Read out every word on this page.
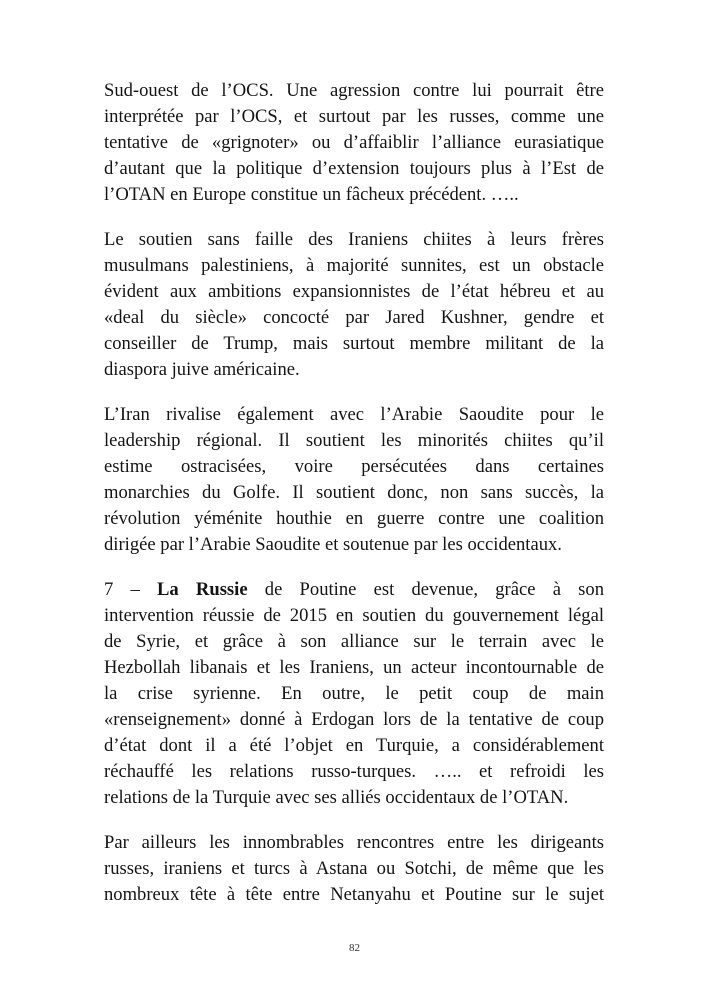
Sud-ouest de l’OCS. Une agression contre lui pourrait être
interprétée par l’OCS, et surtout par les russes, comme une
tentative de «grignoter» ou d’affaiblir l’alliance eurasiatique
d’autant que la politique d’extension toujours plus à l’Est de
l’OTAN en Europe constitue un fâcheux précédent. …..

Le soutien sans faille des Iraniens chiites à leurs frères
musulmans palestiniens, à majorité sunnites, est un obstacle
évident aux ambitions expansionnistes de l’état hébreu et au
«deal du siècle» concocté par Jared Kushner, gendre et
conseiller de Trump, mais surtout membre militant de la
diaspora juive américaine.

L’Iran rivalise également avec l’Arabie Saoudite pour le
leadership régional. Il soutient les minorités chiites qu’il
estime ostracisées, voire persécutées dans certaines
monarchies du Golfe. Il soutient donc, non sans succès, la
révolution yéménite houthie en guerre contre une coalition
dirigée par l’Arabie Saoudite et soutenue par les occidentaux.

7 – La Russie de Poutine est devenue, grâce à son
intervention réussie de 2015 en soutien du gouvernement légal
de Syrie, et grâce à son alliance sur le terrain avec le
Hezbollah libanais et les Iraniens, un acteur incontournable de
la crise syrienne. En outre, le petit coup de main
«renseignement» donné à Erdogan lors de la tentative de coup
d’état dont il a été l’objet en Turquie, a considérablement
réchauffé les relations russo-turques. ….. et refroidi les
relations de la Turquie avec ses alliés occidentaux de l’OTAN.

Par ailleurs les innombrables rencontres entre les dirigeants
russes, iraniens et turcs à Astana ou Sotchi, de même que les
nombreux tête à tête entre Netanyahu et Poutine sur le sujet

82
